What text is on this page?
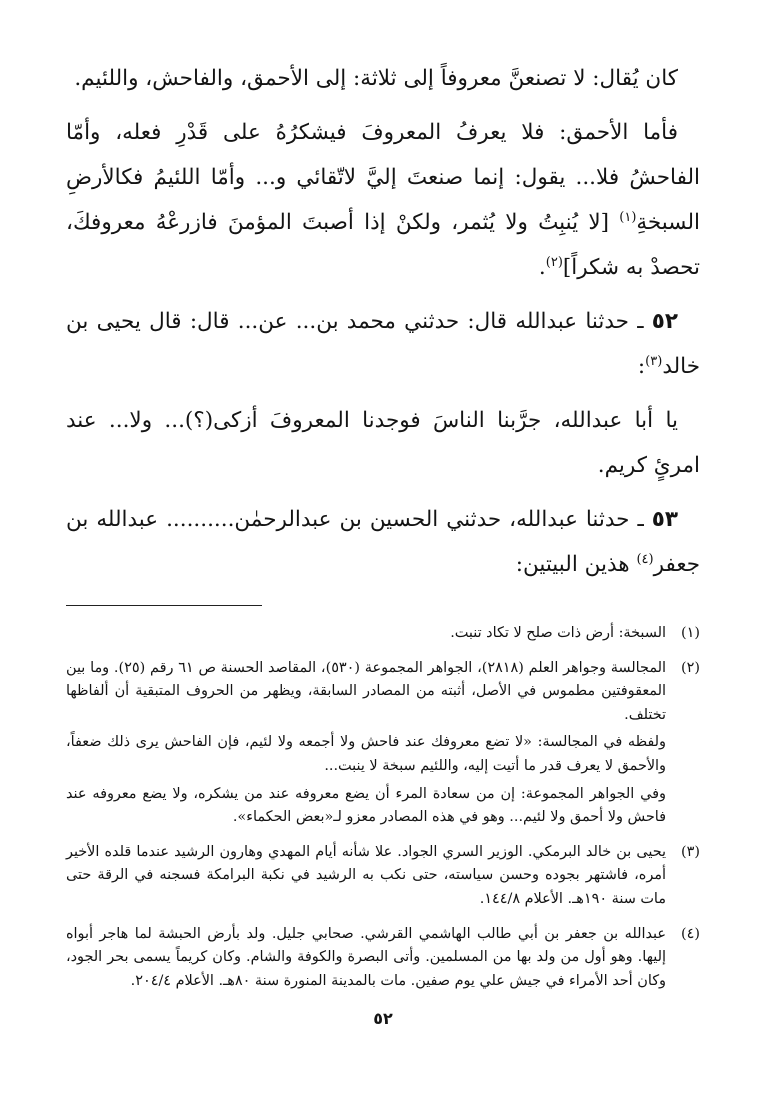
كان يُقال: لا تصنعنَّ معروفاً إلى ثلاثة: إلى الأحمق، والفاحش، واللئيم.

فأما الأحمق: فلا يعرفُ المعروفَ فيشكرُهُ على قَدْرِ فعله، وأمّا الفاحشُ فلا... يقول: إنما صنعتَ إليَّ لاتّقائي و... وأمّا اللئيمُ فكالأرضِ السبخةِ$^{(١)}$ [لا يُنبِتُ ولا يُثمر، ولكنْ إذا أصبتَ المؤمنَ فازرعْهُ معروفكَ، تحصدْ به شكراً]$^{(٢)}$.

٥٢ ـ حدثنا عبدالله قال: حدثني محمد بن... عن... قال: قال يحيى بن خالد$^{(٣)}$:

يا أبا عبدالله، جرَّبنا الناسَ فوجدنا المعروفَ أزكى(؟)... ولا... عند امرئٍ كريم.

٥٣ ـ حدثنا عبدالله، حدثني الحسين بن عبدالرحمٰن.......... عبدالله بن جعفر$^{(٤)}$ هذين البيتين:

(١)

السبخة: أرض ذات صلح لا تكاد تنبت.

(٢)

المجالسة وجواهر العلم (٢٨١٨)، الجواهر المجموعة (٥٣٠)، المقاصد الحسنة ص ٦١ رقم (٢٥). وما بين المعقوفتين مطموس في الأصل، أثبته من المصادر السابقة، ويظهر من الحروف المتبقية أن ألفاظها تختلف.

ولفظه في المجالسة: «لا تضع معروفك عند فاحش ولا أجمعه ولا لئيم، فإن الفاحش يرى ذلك ضعفاً، والأحمق لا يعرف قدر ما أتيت إليه، واللئيم سبخة لا ينبت...

وفي الجواهر المجموعة: إن من سعادة المرء أن يضع معروفه عند من يشكره، ولا يضع معروفه عند فاحش ولا أحمق ولا لئيم... وهو في هذه المصادر معزو لـ«بعض الحكماء».

(٣)

يحيى بن خالد البرمكي. الوزير السري الجواد. علا شأنه أيام المهدي وهارون الرشيد عندما قلده الأخير أمره، فاشتهر بجوده وحسن سياسته، حتى نكب به الرشيد في نكبة البرامكة فسجنه في الرقة حتى مات سنة ١٩٠هـ. الأعلام ١٤٤/٨.

(٤)

عبدالله بن جعفر بن أبي طالب الهاشمي القرشي. صحابي جليل. ولد بأرض الحبشة لما هاجر أبواه إليها. وهو أول من ولد بها من المسلمين. وأتى البصرة والكوفة والشام. وكان كريماً يسمى بحر الجود، وكان أحد الأمراء في جيش علي يوم صفين. مات بالمدينة المنورة سنة ٨٠هـ. الأعلام ٢٠٤/٤.

٥٢
